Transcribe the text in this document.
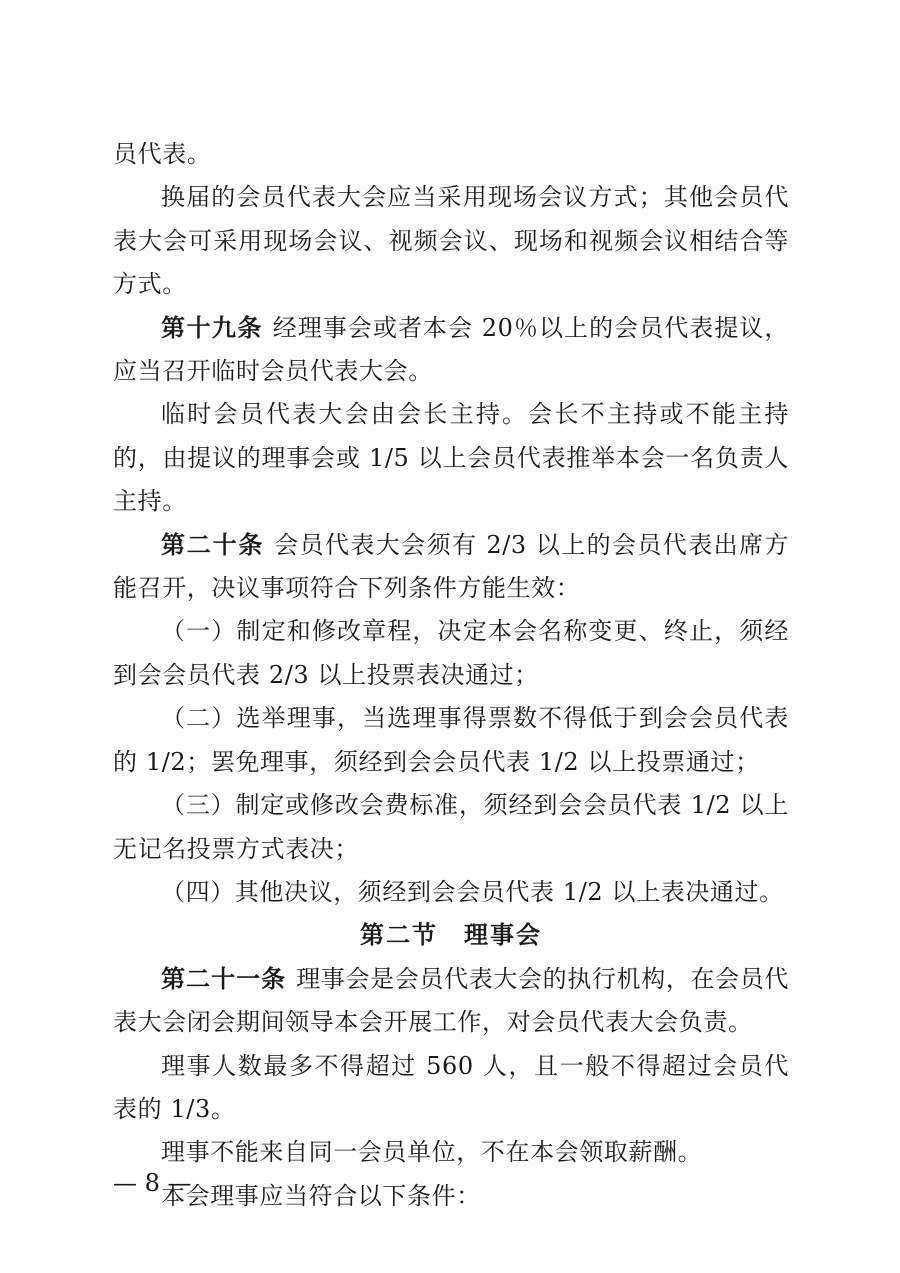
员代表。

换届的会员代表大会应当采用现场会议方式；其他会员代表大会可采用现场会议、视频会议、现场和视频会议相结合等方式。

第十九条 经理事会或者本会 20％以上的会员代表提议，应当召开临时会员代表大会。

临时会员代表大会由会长主持。会长不主持或不能主持的，由提议的理事会或 1/5 以上会员代表推举本会一名负责人主持。

第二十条 会员代表大会须有 2/3 以上的会员代表出席方能召开，决议事项符合下列条件方能生效：

（一）制定和修改章程，决定本会名称变更、终止，须经到会会员代表 2/3 以上投票表决通过；

（二）选举理事，当选理事得票数不得低于到会会员代表的 1/2；罢免理事，须经到会会员代表 1/2 以上投票通过；

（三）制定或修改会费标准，须经到会会员代表 1/2 以上无记名投票方式表决；

（四）其他决议，须经到会会员代表 1/2 以上表决通过。

第二节　理事会

第二十一条 理事会是会员代表大会的执行机构，在会员代表大会闭会期间领导本会开展工作，对会员代表大会负责。

理事人数最多不得超过 560 人，且一般不得超过会员代表的 1/3。

理事不能来自同一会员单位，不在本会领取薪酬。

本会理事应当符合以下条件：

— 8 —
